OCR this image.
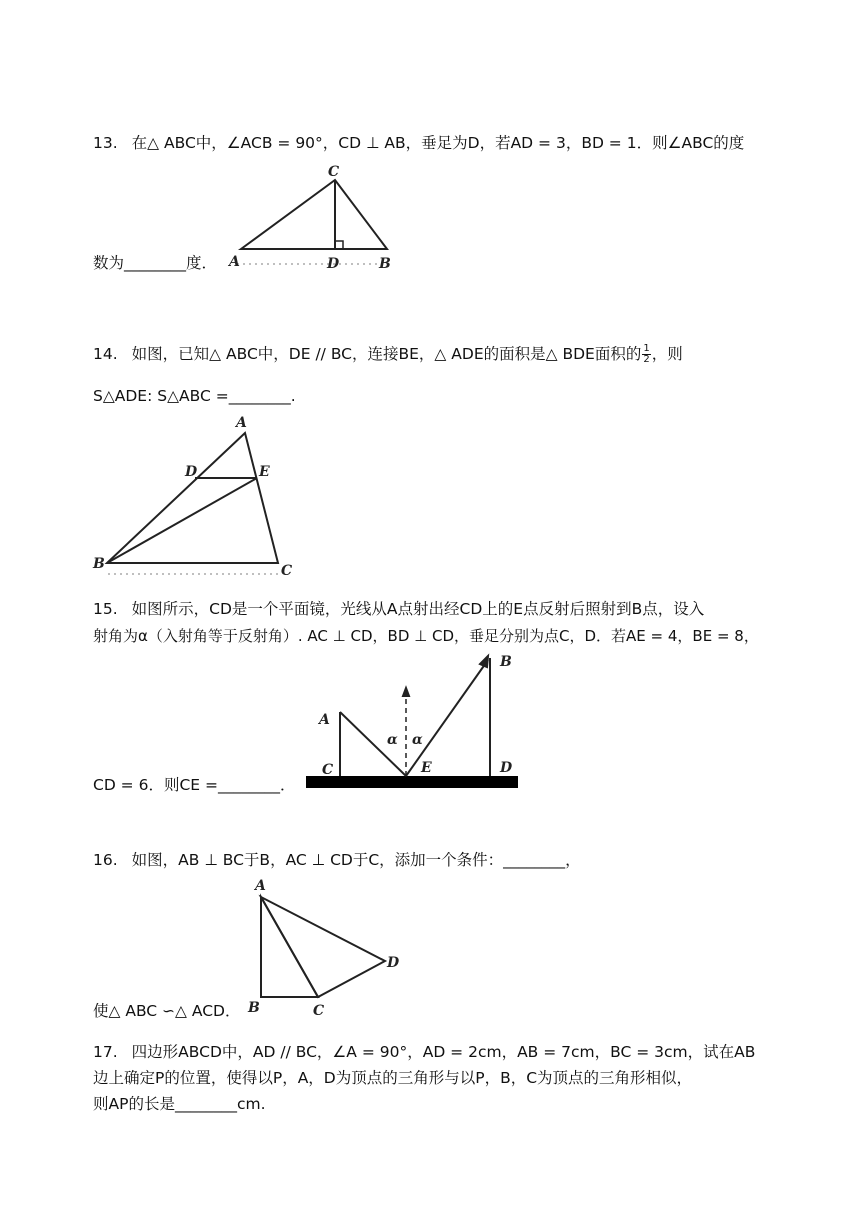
13. 在△ ABC中，∠ACB = 90°，CD ⊥ AB，垂足为D，若AD = 3，BD = 1．则∠ABC的度
A
C
D	B
数为________度．
14. 如图，已知△ ABC中，DE // BC，连接BE，△ ADE的面积是△ BDE面积的 $\frac{1}{2}$ ，则
S△ADE: S△ABC =________.
A
D	E
B	C
15. 如图所示，CD是一个平面镜，光线从A点射出经CD上的E点反射后照射到B点，设入
射角为α（入射角等于反射角）. AC ⊥ CD，BD ⊥ CD，垂足分别为点C，D．若AE = 4，BE = 8，
A
C
α α
E
B
D
CD = 6．则CE =________．
16. 如图，AB ⊥ BC于B，AC ⊥ CD于C，添加一个条件：________，
A
B	C
D
使△ ABC ∽△ ACD．
17. 四边形ABCD中，AD // BC，∠A = 90°，AD = 2cm，AB = 7cm，BC = 3cm，试在AB
边上确定P的位置，使得以P，A，D为顶点的三角形与以P，B，C为顶点的三角形相似，
则AP的长是________cm.
